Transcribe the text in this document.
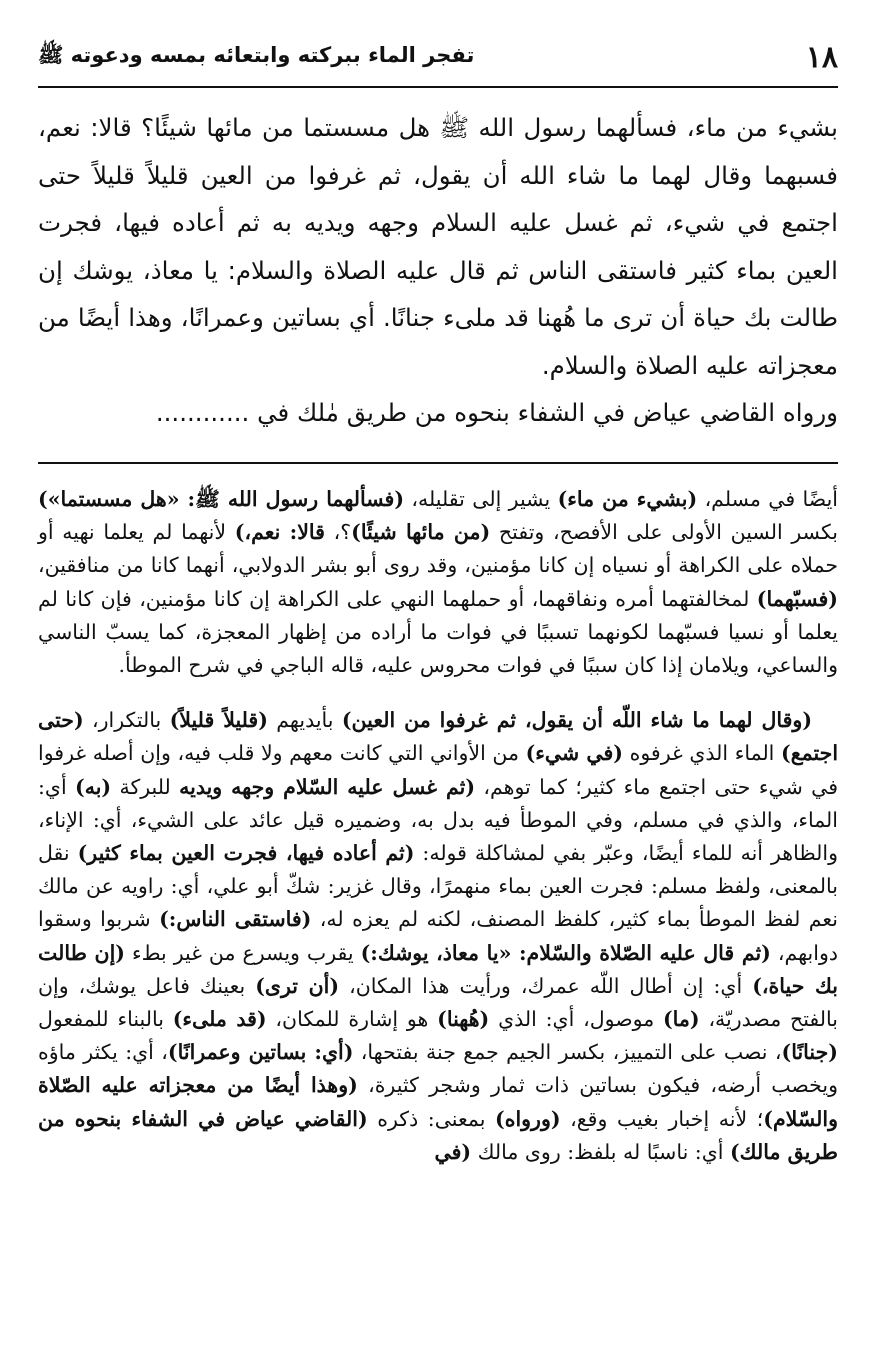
١٨
تفجر الماء ببركته وابتعائه بمسه ودعوته ﷺ

بشيء من ماء، فسألهما رسول الله ﷺ هل مسستما من مائها شيئًا؟ قالا: نعم، فسبهما وقال لهما ما شاء الله أن يقول، ثم غرفوا من العين قليلاً قليلاً حتى اجتمع في شيء، ثم غسل عليه السلام وجهه ويديه به ثم أعاده فيها، فجرت العين بماء كثير فاستقى الناس ثم قال عليه الصلاة والسلام: يا معاذ، يوشك إن طالت بك حياة أن ترى ما هُهنا قد ملىء جنانًا. أي بساتين وعمرانًا، وهذا أيضًا من معجزاته عليه الصلاة والسلام.

ورواه القاضي عياض في الشفاء بنحوه من طريق مٰلك في ............

أيضًا في مسلم، (بشيء من ماء) يشير إلى تقليله، (فسألهما رسول الله ﷺ: «هل مسستما») بكسر السين الأولى على الأفصح، وتفتح (من مائها شيئًا)؟، قالا: نعم،) لأنهما لم يعلما نهيه أو حملاه على الكراهة أو نسياه إن كانا مؤمنين، وقد روى أبو بشر الدولابي، أنهما كانا من منافقين، (فسبّهما) لمخالفتهما أمره ونفاقهما، أو حملهما النهي على الكراهة إن كانا مؤمنين، فإن كانا لم يعلما أو نسيا فسبّهما لكونهما تسببًا في فوات ما أراده من إظهار المعجزة، كما يسبّ الناسي والساعي، ويلامان إذا كان سببًا في فوات محروس عليه، قاله الباجي في شرح الموطأ.

(وقال لهما ما شاء اللّه أن يقول، ثم غرفوا من العين) بأيديهم (قليلاً قليلاً) بالتكرار، (حتى اجتمع) الماء الذي غرفوه (في شيء) من الأواني التي كانت معهم ولا قلب فيه، وإن أصله غرفوا في شيء حتى اجتمع ماء كثير؛ كما توهم، (ثم غسل عليه السّلام وجهه ويديه للبركة (به) أي: الماء، والذي في مسلم، وفي الموطأ فيه بدل به، وضميره قيل عائد على الشيء، أي: الإناء، والظاهر أنه للماء أيضًا، وعبّر بفي لمشاكلة قوله: (ثم أعاده فيها، فجرت العين بماء كثير) نقل بالمعنى، ولفظ مسلم: فجرت العين بماء منهمرًا، وقال غزير: شكّ أبو علي، أي: راويه عن مالك نعم لفظ الموطأ بماء كثير، كلفظ المصنف، لكنه لم يعزه له، (فاستقى الناس:) شربوا وسقوا دوابهم، (ثم قال عليه الصّلاة والسّلام: «يا معاذ، يوشك:) يقرب ويسرع من غير بطء (إن طالت بك حياة،) أي: إن أطال اللّه عمرك، ورأيت هذا المكان، (أن ترى) بعينك فاعل يوشك، وإن بالفتح مصدريّة، (ما) موصول، أي: الذي (هُهنا) هو إشارة للمكان، (قد ملىء) بالبناء للمفعول (جنانًا)، نصب على التمييز، بكسر الجيم جمع جنة بفتحها، (أي: بساتين وعمرانًا)، أي: يكثر ماؤه ويخصب أرضه، فيكون بساتين ذات ثمار وشجر كثيرة، (وهذا أيضًا من معجزاته عليه الصّلاة والسّلام)؛ لأنه إخبار بغيب وقع، (ورواه) بمعنى: ذكره (القاضي عياض في الشفاء بنحوه من طريق مالك) أي: ناسبًا له بلفظ: روى مالك (في
